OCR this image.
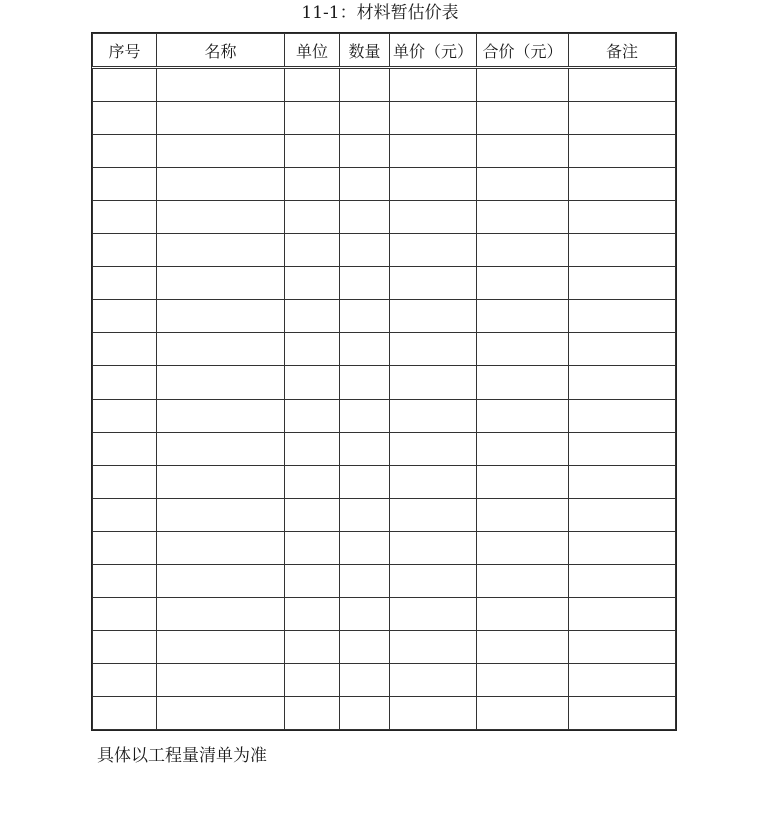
11-1：材料暂估价表
序号	名称	单位	数量	单价（元）	合价（元）	备注

具体以工程量清单为准
